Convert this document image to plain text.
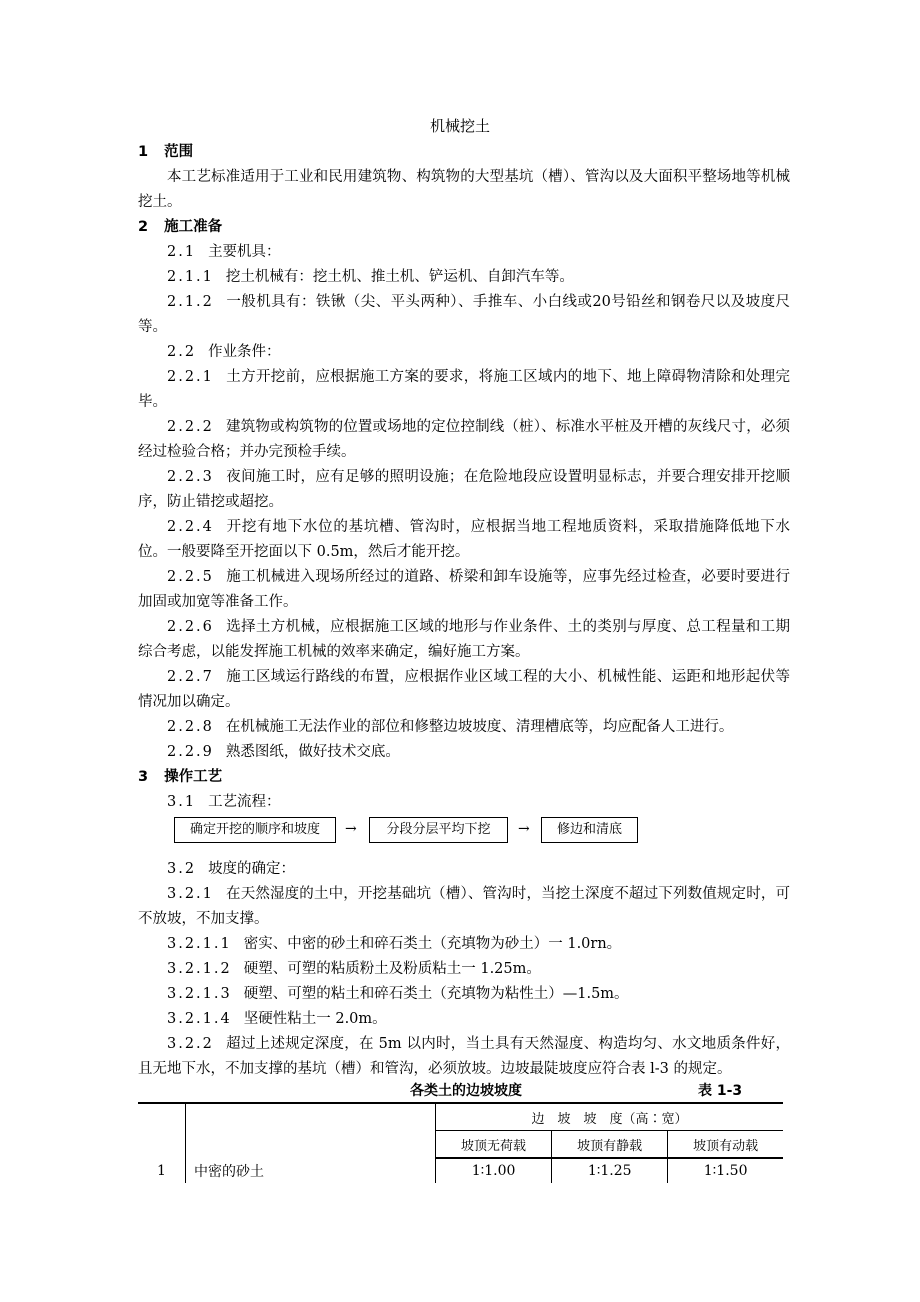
机械挖土
1 范围
本工艺标准适用于工业和民用建筑物、构筑物的大型基坑（槽）、管沟以及大面积平整场地等机械挖土。
2 施工准备
2.1 主要机具：
2.1.1 挖土机械有：挖土机、推土机、铲运机、自卸汽车等。
2.1.2 一般机具有：铁锹（尖、平头两种）、手推车、小白线或20号铅丝和钢卷尺以及坡度尺等。
2.2 作业条件：
2.2.1 土方开挖前，应根据施工方案的要求，将施工区域内的地下、地上障碍物清除和处理完毕。
2.2.2 建筑物或构筑物的位置或场地的定位控制线（桩）、标准水平桩及开槽的灰线尺寸，必须经过检验合格；并办完预检手续。
2.2.3 夜间施工时，应有足够的照明设施；在危险地段应设置明显标志，并要合理安排开挖顺序，防止错挖或超挖。
2.2.4 开挖有地下水位的基坑槽、管沟时，应根据当地工程地质资料，采取措施降低地下水位。一般要降至开挖面以下 0.5m，然后才能开挖。
2.2.5 施工机械进入现场所经过的道路、桥梁和卸车设施等，应事先经过检查，必要时要进行加固或加宽等准备工作。
2.2.6 选择土方机械，应根据施工区域的地形与作业条件、土的类别与厚度、总工程量和工期综合考虑，以能发挥施工机械的效率来确定，编好施工方案。
2.2.7 施工区域运行路线的布置，应根据作业区域工程的大小、机械性能、运距和地形起伏等情况加以确定。
2.2.8 在机械施工无法作业的部位和修整边坡坡度、清理槽底等，均应配备人工进行。
2.2.9 熟悉图纸，做好技术交底。
3 操作工艺
3.1 工艺流程：
确定开挖的顺序和坡度	→	分段分层平均下挖	→	修边和清底
3.2 坡度的确定：
3.2.1 在天然湿度的土中，开挖基础坑（槽）、管沟时，当挖土深度不超过下列数值规定时，可不放坡，不加支撑。
3.2.1.1 密实、中密的砂土和碎石类土（充填物为砂土）一 1.0rn。
3.2.1.2 硬塑、可塑的粘质粉土及粉质粘土一 1.25m。
3.2.1.3 硬塑、可塑的粘土和碎石类土（充填物为粘性土）—1.5m。
3.2.1.4 坚硬性粘土一 2.0m。
3.2.2 超过上述规定深度，在 5m 以内时，当土具有天然湿度、构造均匀、水文地质条件好，且无地下水，不加支撑的基坑（槽）和管沟，必须放坡。边坡最陡坡度应符合表 l-3 的规定。
各类土的边坡坡度	表 1-3
		边　坡　坡　度（高∶宽）		
		坡顶无荷载	坡顶有静载	坡顶有动载
1	中密的砂土	1∶1.00	1∶1.25	1∶1.50
